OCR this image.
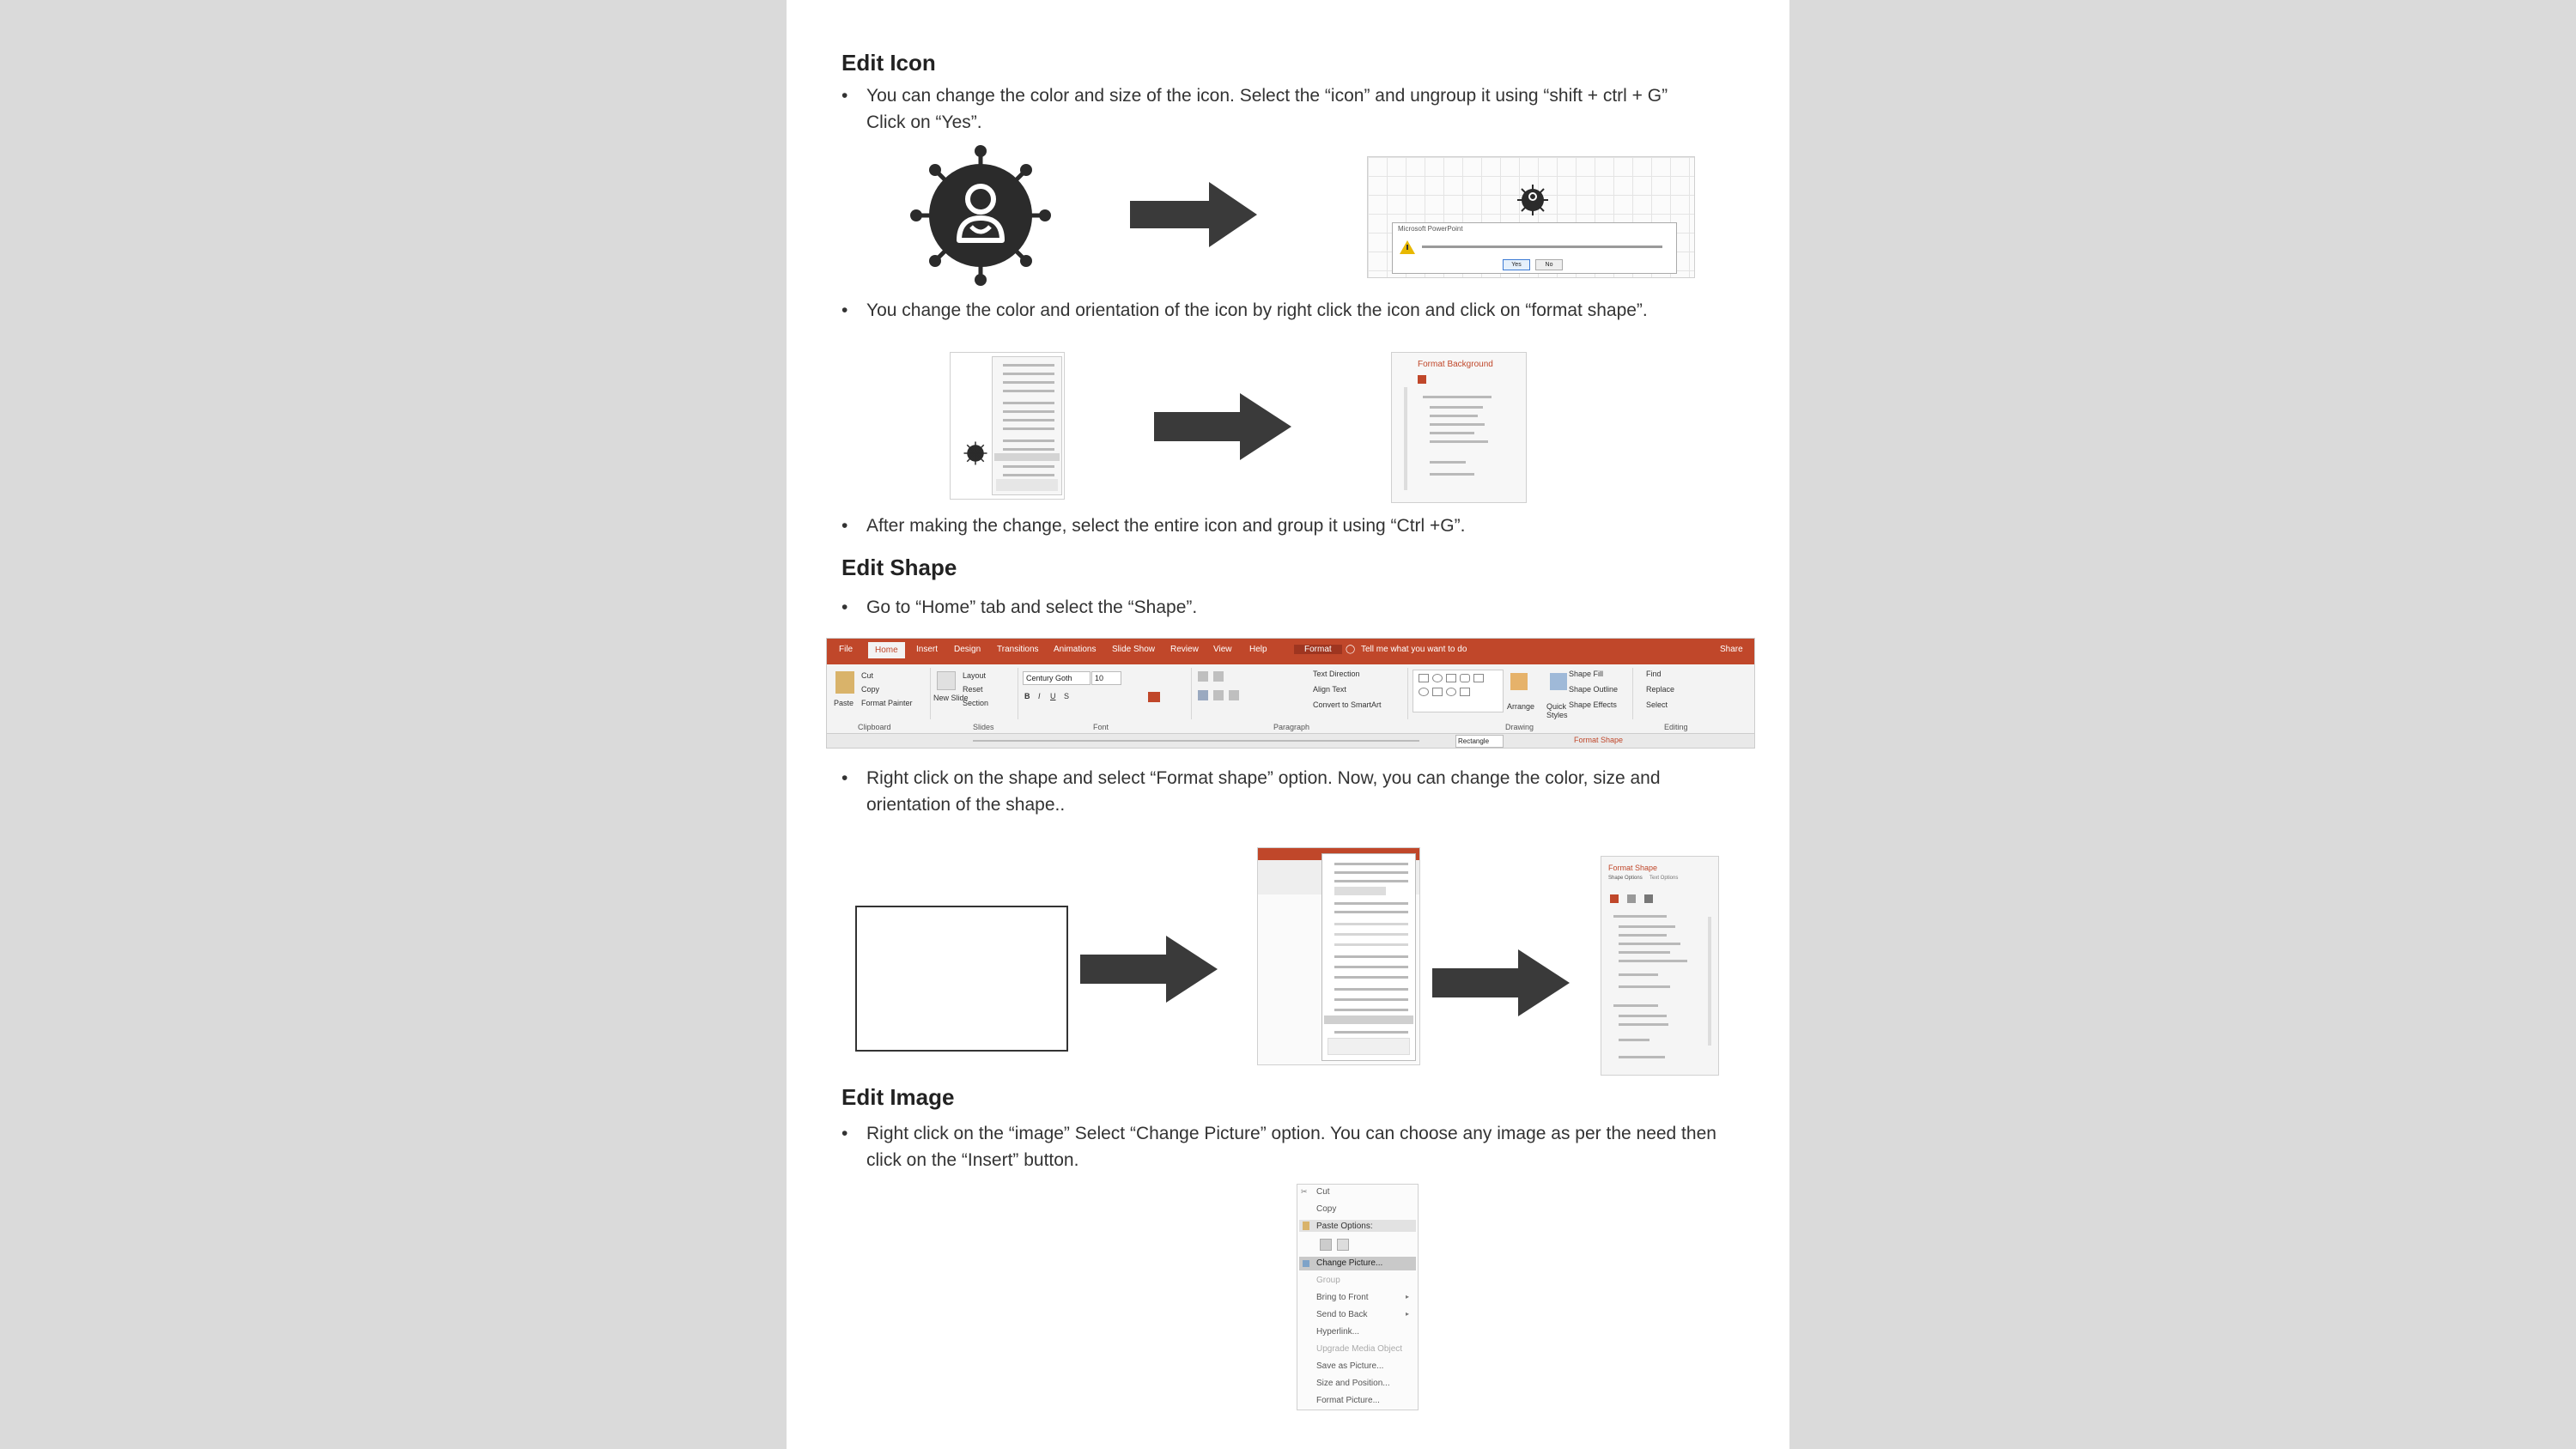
Edit Icon
• You can change the color and size of the icon. Select the “icon” and ungroup it using “shift + ctrl + G” Click on “Yes”.
Microsoft PowerPoint
Yes	No
• You change the color and orientation of the icon by right click the icon and click on “format shape”.
Format Background
• After making the change, select the entire icon and group it using “Ctrl +G”.
Edit Shape
• Go to “Home” tab and select the “Shape”.
File	Home	Insert Design Transitions Animations Slide Show Review View Help	Format	◯ Tell me what you want to do	Share
Paste
Cut
Copy
Format Painter
Clipboard
New Slide
Layout
Reset
Section
Slides
Century Goth	10
B I U S
Font
Text Direction
Align Text
Convert to SmartArt
Paragraph
Arrange Quick Styles
Shape Fill
Shape Outline
Shape Effects
Drawing
Find
Replace
Select
Editing
Rectangle	Format Shape
• Right click on the shape and select “Format shape” option. Now, you can change the color, size and orientation of the shape..
Format Shape
Shape Options Text Options
Edit Image
• Right click on the “image” Select “Change Picture” option. You can choose any image as per the need then click on the “Insert” button.
✂ Cut
Copy
Paste Options:
Change Picture...
Group
Bring to Front
Send to Back
Hyperlink...
Upgrade Media Object
Save as Picture...
Size and Position...
Format Picture...
▸
▸
